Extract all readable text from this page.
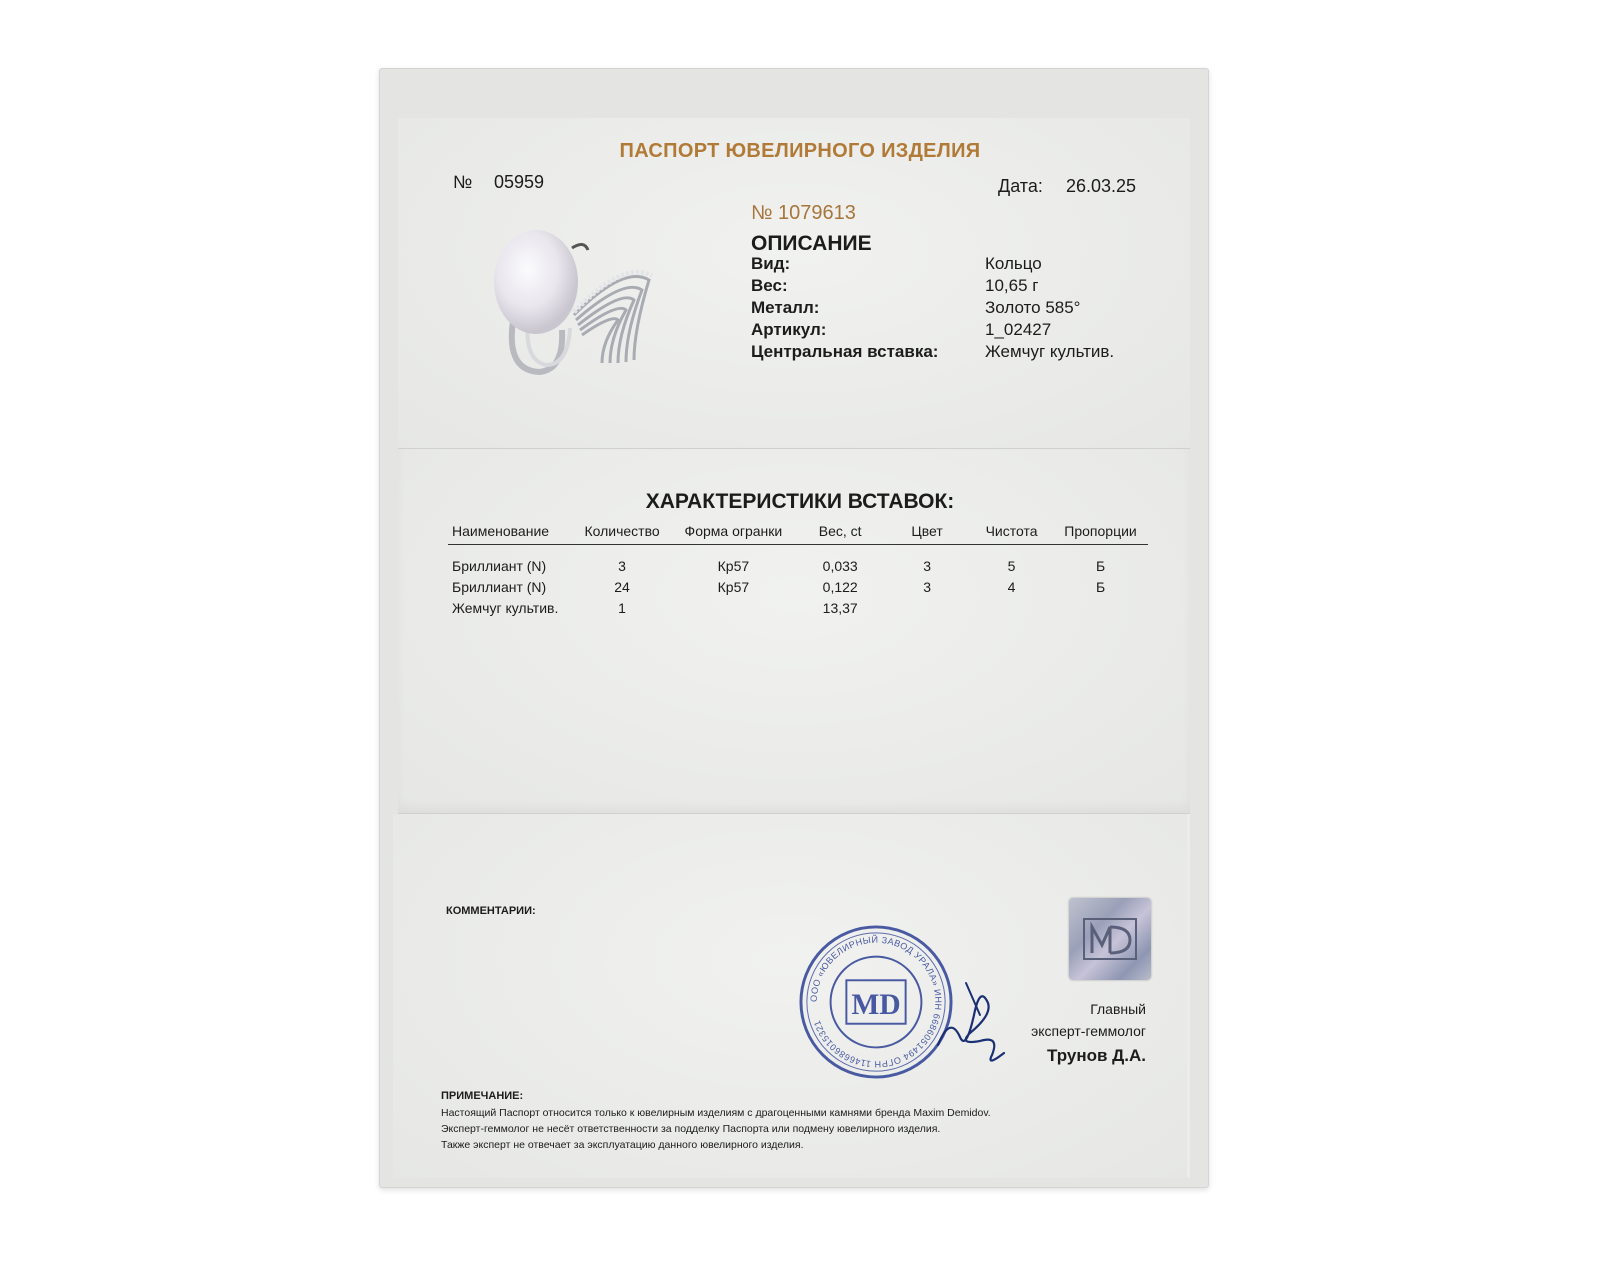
ПАСПОРТ ЮВЕЛИРНОГО ИЗДЕЛИЯ

№ 05959	Дата: 26.03.25

№ 1079613

ОПИСАНИЕ

Вид:	Кольцо

Вес:	10,65 г

Металл:	Золото 585°

Артикул:	1_02427

Центральная вставка:	Жемчуг культив.

ХАРАКТЕРИСТИКИ ВСТАВОК:

Наименование	Количество	Форма огранки	Вес, ct	Цвет	Чистота	Пропорции
Бриллиант (N)	3	Кр57	0,033	3	5	Б
Бриллиант (N)	24	Кр57	0,122	3	4	Б
Жемчуг культив.	1		13,37			

КОММЕНТАРИИ:

ООО «ЮВЕЛИРНЫЙ ЗАВОД УРАЛА» ИНН 6686051494 ОГРН 1146686015321
MD	Главный

эксперт-геммолог

Трунов Д.А.

ПРИМЕЧАНИЕ:

Настоящий Паспорт относится только к ювелирным изделиям с драгоценными камнями бренда Maxim Demidov.

Эксперт-геммолог не несёт ответственности за подделку Паспорта или подмену ювелирного изделия.

Также эксперт не отвечает за эксплуатацию данного ювелирного изделия.
